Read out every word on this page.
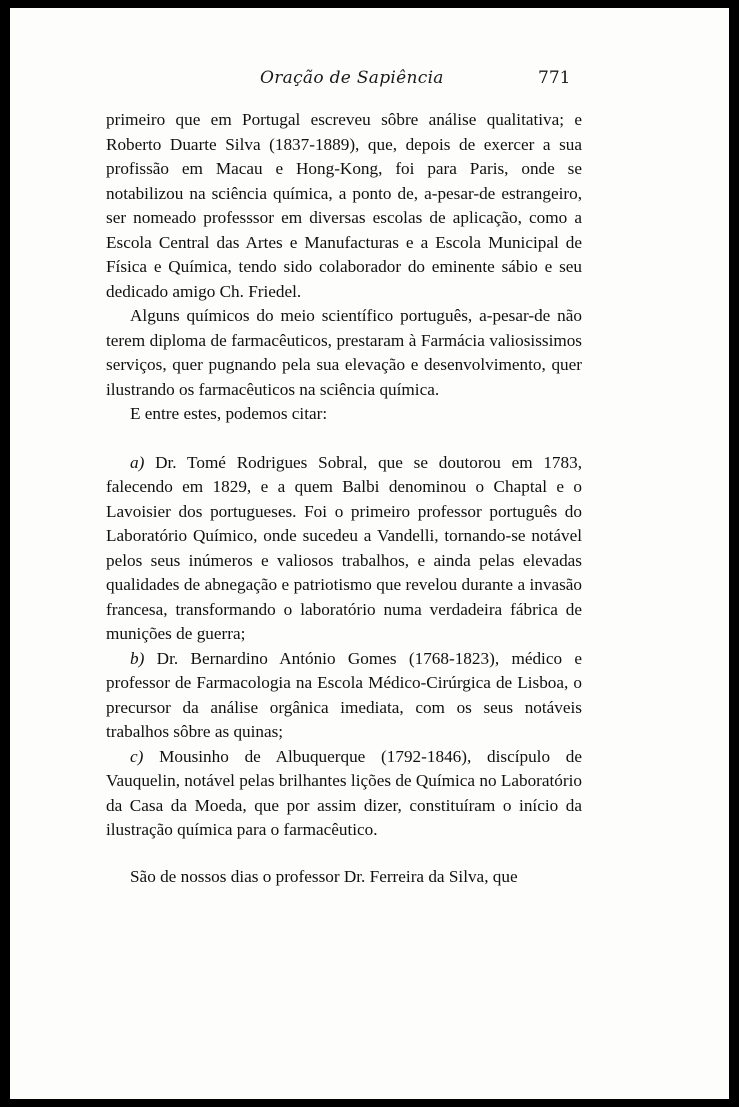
Oração de Sapiência	771

primeiro que em Portugal escreveu sôbre análise qualitativa; e Roberto Duarte Silva (1837-1889), que, depois de exercer a sua profissão em Macau e Hong-Kong, foi para Paris, onde se notabilizou na sciência química, a ponto de, a-pesar-de estrangeiro, ser nomeado professsor em diversas escolas de aplicação, como a Escola Central das Artes e Manufacturas e a Escola Municipal de Física e Química, tendo sido colaborador do eminente sábio e seu dedicado amigo Ch. Friedel.

Alguns químicos do meio scientífico português, a-pesar-de não terem diploma de farmacêuticos, prestaram à Farmácia valiosissimos serviços, quer pugnando pela sua elevação e desenvolvimento, quer ilustrando os farmacêuticos na sciência química.

E entre estes, podemos citar:

a) Dr. Tomé Rodrigues Sobral, que se doutorou em 1783, falecendo em 1829, e a quem Balbi denominou o Chaptal e o Lavoisier dos portugueses. Foi o primeiro professor português do Laboratório Químico, onde sucedeu a Vandelli, tornando-se notável pelos seus inúmeros e valiosos trabalhos, e ainda pelas elevadas qualidades de abnegação e patriotismo que revelou durante a invasão francesa, transformando o laboratório numa verdadeira fábrica de munições de guerra;

b) Dr. Bernardino António Gomes (1768-1823), médico e professor de Farmacologia na Escola Médico-Cirúrgica de Lisboa, o precursor da análise orgânica imediata, com os seus notáveis trabalhos sôbre as quinas;

c) Mousinho de Albuquerque (1792-1846), discípulo de Vauquelin, notável pelas brilhantes lições de Química no Laboratório da Casa da Moeda, que por assim dizer, constituíram o início da ilustração química para o farmacêutico.

São de nossos dias o professor Dr. Ferreira da Silva, que
